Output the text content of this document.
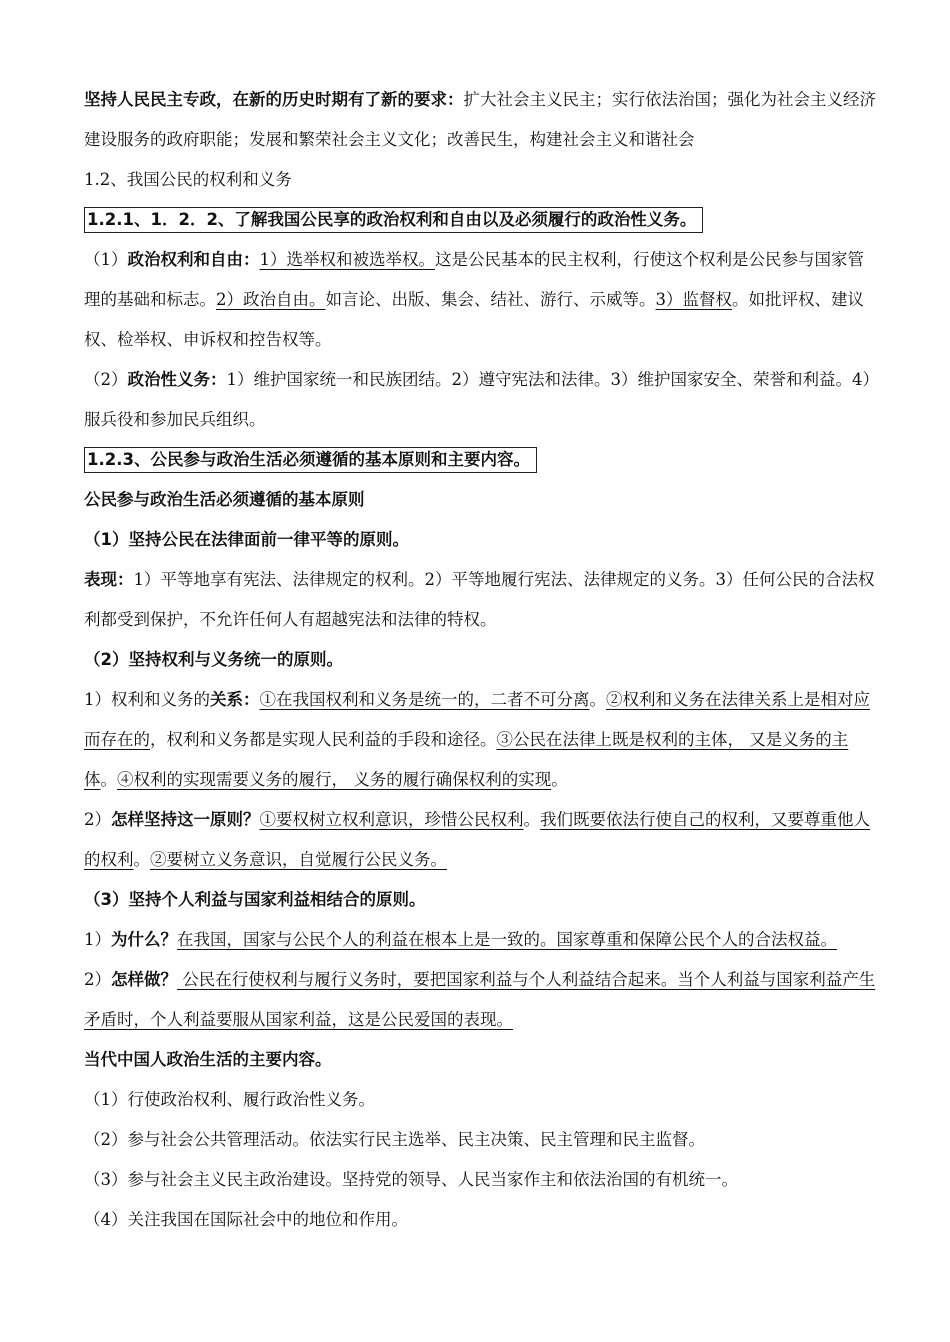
坚持人民民主专政，在新的历史时期有了新的要求：扩大社会主义民主；实行依法治国；强化为社会主义经济建设服务的政府职能；发展和繁荣社会主义文化；改善民生，构建社会主义和谐社会

1.2、我国公民的权利和义务

1.2.1、1．2．2、了解我国公民享的政治权利和自由以及必须履行的政治性义务。

（1）政治权利和自由：1）选举权和被选举权。这是公民基本的民主权利，行使这个权利是公民参与国家管理的基础和标志。2）政治自由。如言论、出版、集会、结社、游行、示威等。3）监督权。如批评权、建议权、检举权、申诉权和控告权等。

（2）政治性义务：1）维护国家统一和民族团结。2）遵守宪法和法律。3）维护国家安全、荣誉和利益。4）服兵役和参加民兵组织。

1.2.3、公民参与政治生活必须遵循的基本原则和主要内容。

公民参与政治生活必须遵循的基本原则

（1）坚持公民在法律面前一律平等的原则。

表现：1）平等地享有宪法、法律规定的权利。2）平等地履行宪法、法律规定的义务。3）任何公民的合法权利都受到保护，不允许任何人有超越宪法和法律的特权。

（2）坚持权利与义务统一的原则。

1）权利和义务的关系：①在我国权利和义务是统一的，二者不可分离。②权利和义务在法律关系上是相对应而存在的，权利和义务都是实现人民利益的手段和途径。③公民在法律上既是权利的主体， 又是义务的主体。④权利的实现需要义务的履行， 义务的履行确保权利的实现。

2）怎样坚持这一原则？①要权树立权利意识，珍惜公民权利。我们既要依法行使自己的权利，又要尊重他人的权利。②要树立义务意识，自觉履行公民义务。

（3）坚持个人利益与国家利益相结合的原则。

1）为什么？在我国，国家与公民个人的利益在根本上是一致的。国家尊重和保障公民个人的合法权益。

2）怎样做？ 公民在行使权利与履行义务时，要把国家利益与个人利益结合起来。当个人利益与国家利益产生矛盾时，个人利益要服从国家利益，这是公民爱国的表现。

当代中国人政治生活的主要内容。

（1）行使政治权利、履行政治性义务。

（2）参与社会公共管理活动。依法实行民主选举、民主决策、民主管理和民主监督。

（3）参与社会主义民主政治建设。坚持党的领导、人民当家作主和依法治国的有机统一。

（4）关注我国在国际社会中的地位和作用。
